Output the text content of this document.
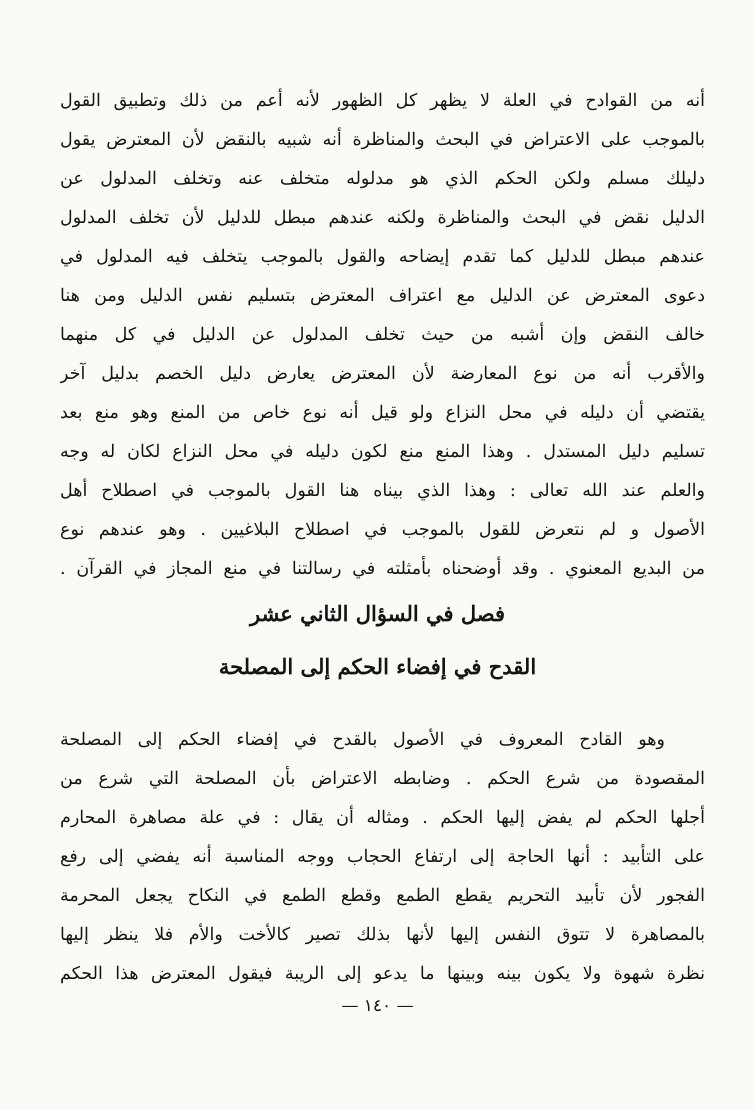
أنه من القوادح في العلة لا يظهر كل الظهور لأنه أعم من ذلك وتطبيق القول
بالموجب على الاعتراض في البحث والمناظرة أنه شبيه بالنقض لأن المعترض يقول
دليلك مسلم ولكن الحكم الذي هو مدلوله متخلف عنه وتخلف المدلول عن
الدليل نقض في البحث والمناظرة ولكنه عندهم مبطل للدليل لأن تخلف المدلول
عندهم مبطل للدليل كما تقدم إيضاحه والقول بالموجب يتخلف فيه المدلول في
دعوى المعترض عن الدليل مع اعتراف المعترض بتسليم نفس الدليل ومن هنا
خالف النقض وإن أشبه من حيث تخلف المدلول عن الدليل في كل منهما
والأقرب أنه من نوع المعارضة لأن المعترض يعارض دليل الخصم بدليل آخر
يقتضي أن دليله في محل النزاع ولو قيل أنه نوع خاص من المنع وهو منع بعد
تسليم دليل المستدل . وهذا المنع منع لكون دليله في محل النزاع لكان له وجه
والعلم عند الله تعالى : وهذا الذي بيناه هنا القول بالموجب في اصطلاح أهل
الأصول و لم نتعرض للقول بالموجب في اصطلاح البلاغيين . وهو عندهم نوع
من البديع المعنوي . وقد أوضحناه بأمثلته في رسالتنا في منع المجاز في القرآن .
فصل في السؤال الثاني عشر
القدح في إفضاء الحكم إلى المصلحة
وهو القادح المعروف في الأصول بالقدح في إفضاء الحكم إلى المصلحة
المقصودة من شرع الحكم . وضابطه الاعتراض بأن المصلحة التي شرع من
أجلها الحكم لم يفض إليها الحكم . ومثاله أن يقال : في علة مصاهرة المحارم
على التأبيد : أنها الحاجة إلى ارتفاع الحجاب ووجه المناسبة أنه يفضي إلى رفع
الفجور لأن تأبيد التحريم يقطع الطمع وقطع الطمع في النكاح يجعل المحرمة
بالمصاهرة لا تتوق النفس إليها لأنها بذلك تصير كالأخت والأم فلا ينظر إليها
نظرة شهوة ولا يكون بينه وبينها ما يدعو إلى الريبة فيقول المعترض هذا الحكم
— ١٤٠ —
